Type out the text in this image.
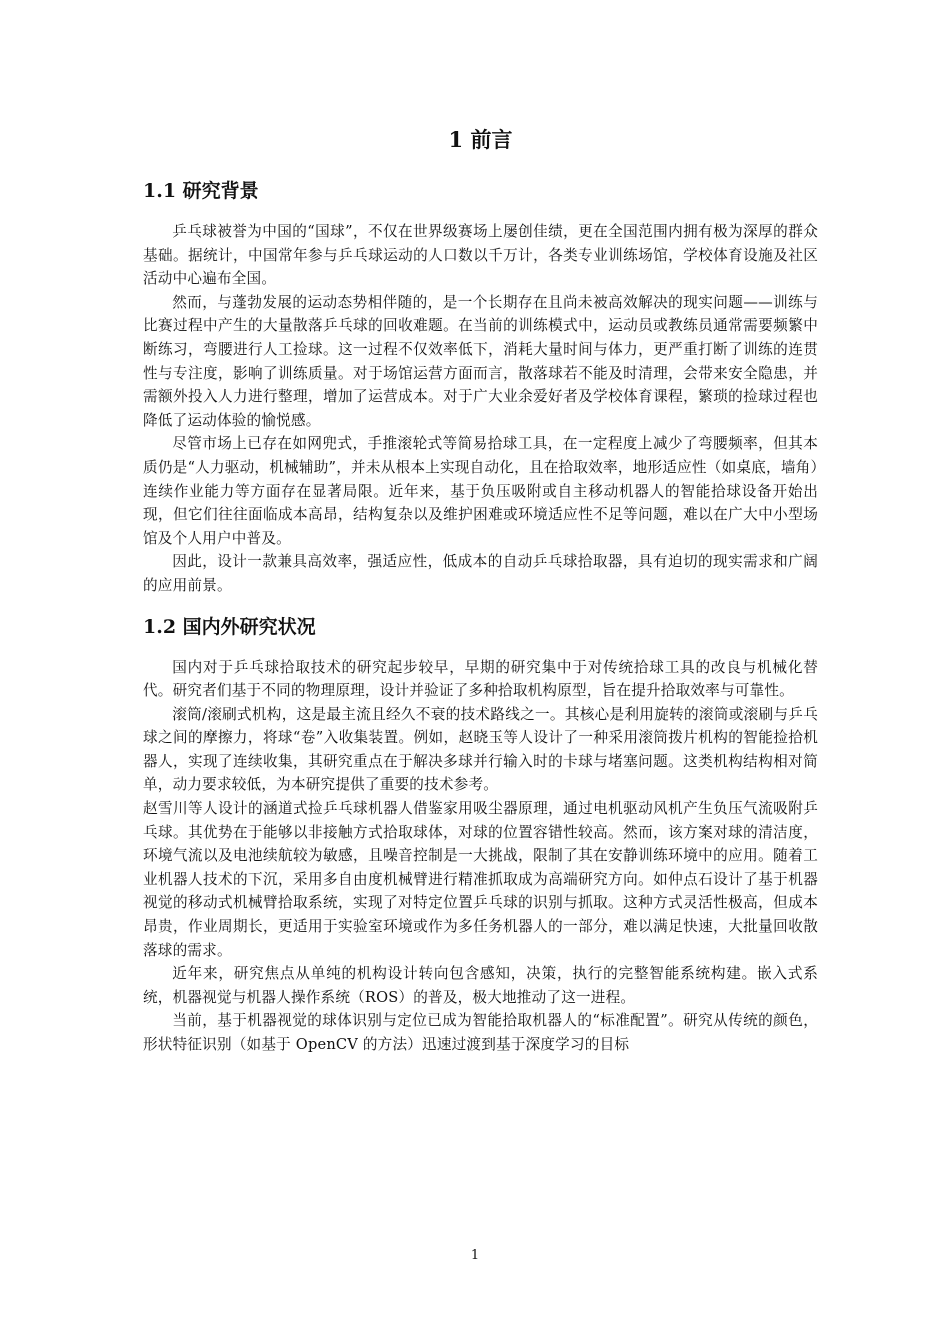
1 前言
1.1 研究背景

乒乓球被誉为中国的“国球”，不仅在世界级赛场上屡创佳绩，更在全国范围内拥有极为深厚的群众基础。据统计，中国常年参与乒乓球运动的人口数以千万计，各类专业训练场馆，学校体育设施及社区活动中心遍布全国。

然而，与蓬勃发展的运动态势相伴随的，是一个长期存在且尚未被高效解决的现实问题——训练与比赛过程中产生的大量散落乒乓球的回收难题。在当前的训练模式中，运动员或教练员通常需要频繁中断练习，弯腰进行人工捡球。这一过程不仅效率低下，消耗大量时间与体力，更严重打断了训练的连贯性与专注度，影响了训练质量。对于场馆运营方面而言，散落球若不能及时清理，会带来安全隐患，并需额外投入人力进行整理，增加了运营成本。对于广大业余爱好者及学校体育课程，繁琐的捡球过程也降低了运动体验的愉悦感。

尽管市场上已存在如网兜式，手推滚轮式等简易拾球工具，在一定程度上减少了弯腰频率，但其本质仍是“人力驱动，机械辅助”，并未从根本上实现自动化，且在拾取效率，地形适应性（如桌底，墙角）连续作业能力等方面存在显著局限。近年来，基于负压吸附或自主移动机器人的智能拾球设备开始出现，但它们往往面临成本高昂，结构复杂以及维护困难或环境适应性不足等问题，难以在广大中小型场馆及个人用户中普及。

因此，设计一款兼具高效率，强适应性，低成本的自动乒乓球拾取器，具有迫切的现实需求和广阔的应用前景。

1.2 国内外研究状况

国内对于乒乓球拾取技术的研究起步较早，早期的研究集中于对传统拾球工具的改良与机械化替代。研究者们基于不同的物理原理，设计并验证了多种拾取机构原型，旨在提升拾取效率与可靠性。

滚筒/滚刷式机构，这是最主流且经久不衰的技术路线之一。其核心是利用旋转的滚筒或滚刷与乒乓球之间的摩擦力，将球“卷”入收集装置。例如，赵晓玉等人设计了一种采用滚筒拨片机构的智能捡拾机器人，实现了连续收集，其研究重点在于解决多球并行输入时的卡球与堵塞问题。这类机构结构相对简单，动力要求较低，为本研究提供了重要的技术参考。

赵雪川等人设计的涵道式捡乒乓球机器人借鉴家用吸尘器原理，通过电机驱动风机产生负压气流吸附乒乓球。其优势在于能够以非接触方式拾取球体，对球的位置容错性较高。然而，该方案对球的清洁度，环境气流以及电池续航较为敏感，且噪音控制是一大挑战，限制了其在安静训练环境中的应用。随着工业机器人技术的下沉，采用多自由度机械臂进行精准抓取成为高端研究方向。如仲点石设计了基于机器视觉的移动式机械臂拾取系统，实现了对特定位置乒乓球的识别与抓取。这种方式灵活性极高，但成本昂贵，作业周期长，更适用于实验室环境或作为多任务机器人的一部分，难以满足快速，大批量回收散落球的需求。

近年来，研究焦点从单纯的机构设计转向包含感知，决策，执行的完整智能系统构建。嵌入式系统，机器视觉与机器人操作系统（ROS）的普及，极大地推动了这一进程。

当前，基于机器视觉的球体识别与定位已成为智能拾取机器人的“标准配置”。研究从传统的颜色，形状特征识别（如基于 OpenCV 的方法）迅速过渡到基于深度学习的目标

1
